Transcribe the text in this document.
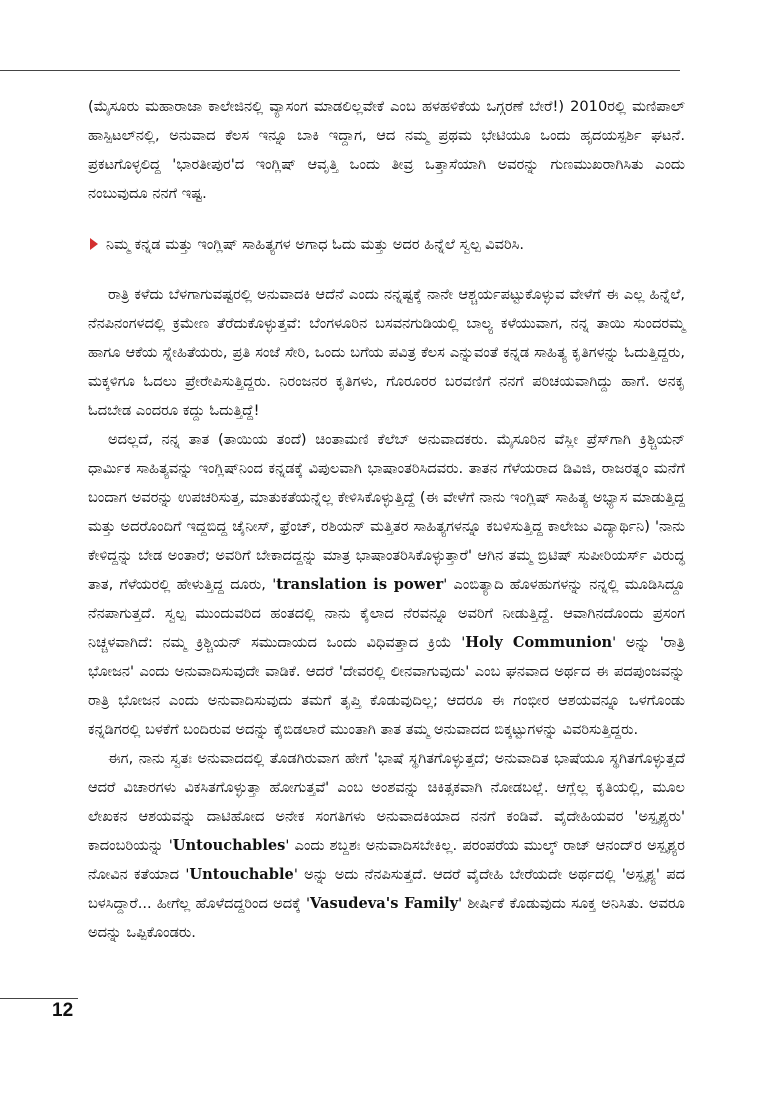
(ಮೈಸೂರು ಮಹಾರಾಜಾ ಕಾಲೇಜಿನಲ್ಲಿ ವ್ಯಾಸಂಗ ಮಾಡಲಿಲ್ಲವೇಕೆ ಎಂಬ ಹಳಹಳಿಕೆಯ ಒಗ್ಗರಣೆ ಬೇರೆ!) 2010ರಲ್ಲಿ ಮಣಿಪಾಲ್ ಹಾಸ್ಪಿಟಲ್‌ನಲ್ಲಿ, ಅನುವಾದ ಕೆಲಸ ಇನ್ನೂ ಬಾಕಿ ಇದ್ದಾಗ, ಆದ ನಮ್ಮ ಪ್ರಥಮ ಭೇಟಿಯೂ ಒಂದು ಹೃದಯಸ್ಪರ್ಶಿ ಘಟನೆ. ಪ್ರಕಟಗೊಳ್ಳಲಿದ್ದ 'ಭಾರತೀಪುರ'ದ ಇಂಗ್ಲಿಷ್ ಆವೃತ್ತಿ ಒಂದು ತೀವ್ರ ಒತ್ತಾಸೆಯಾಗಿ ಅವರನ್ನು ಗುಣಮುಖರಾಗಿಸಿತು ಎಂದು ನಂಬುವುದೂ ನನಗೆ ಇಷ್ಟ.

ನಿಮ್ಮ ಕನ್ನಡ ಮತ್ತು ಇಂಗ್ಲಿಷ್ ಸಾಹಿತ್ಯಗಳ ಅಗಾಧ ಓದು ಮತ್ತು ಅದರ ಹಿನ್ನೆಲೆ ಸ್ವಲ್ಪ ವಿವರಿಸಿ.

ರಾತ್ರಿ ಕಳೆದು ಬೆಳಗಾಗುವಷ್ಟರಲ್ಲಿ ಅನುವಾದಕಿ ಆದೆನೆ ಎಂದು ನನ್ನಷ್ಟಕ್ಕೆ ನಾನೇ ಆಶ್ಚರ್ಯಪಟ್ಟುಕೊಳ್ಳುವ ವೇಳೆಗೆ ಈ ಎಲ್ಲ ಹಿನ್ನೆಲೆ, ನೆನಪಿನಂಗಳದಲ್ಲಿ ಕ್ರಮೇಣ ತೆರೆದುಕೊಳ್ಳುತ್ತವೆ: ಬೆಂಗಳೂರಿನ ಬಸವನಗುಡಿಯಲ್ಲಿ ಬಾಲ್ಯ ಕಳೆಯುವಾಗ, ನನ್ನ ತಾಯಿ ಸುಂದರಮ್ಮ ಹಾಗೂ ಆಕೆಯ ಸ್ನೇಹಿತೆಯರು, ಪ್ರತಿ ಸಂಜೆ ಸೇರಿ, ಒಂದು ಬಗೆಯ ಪವಿತ್ರ ಕೆಲಸ ಎನ್ನುವಂತೆ ಕನ್ನಡ ಸಾಹಿತ್ಯ ಕೃತಿಗಳನ್ನು ಓದುತ್ತಿದ್ದರು, ಮಕ್ಕಳಿಗೂ ಓದಲು ಪ್ರೇರೇಪಿಸುತ್ತಿದ್ದರು. ನಿರಂಜನರ ಕೃತಿಗಳು, ಗೊರೂರರ ಬರವಣಿಗೆ ನನಗೆ ಪರಿಚಯವಾಗಿದ್ದು ಹಾಗೆ. ಅನಕೃ ಓದಬೇಡ ಎಂದರೂ ಕದ್ದು ಓದುತ್ತಿದ್ದೆ!

ಅದಲ್ಲದೆ, ನನ್ನ ತಾತ (ತಾಯಿಯ ತಂದೆ) ಚಿಂತಾಮಣಿ ಕೆಲೆಬ್ ಅನುವಾದಕರು. ಮೈಸೂರಿನ ವೆಸ್ಲೀ ಪ್ರೆಸ್‌ಗಾಗಿ ಕ್ರಿಶ್ಚಿಯನ್ ಧಾರ್ಮಿಕ ಸಾಹಿತ್ಯವನ್ನು ಇಂಗ್ಲಿಷ್‌ನಿಂದ ಕನ್ನಡಕ್ಕೆ ವಿಪುಲವಾಗಿ ಭಾಷಾಂತರಿಸಿದವರು. ತಾತನ ಗೆಳೆಯರಾದ ಡಿವಿಜಿ, ರಾಜರತ್ನಂ ಮನೆಗೆ ಬಂದಾಗ ಅವರನ್ನು ಉಪಚರಿಸುತ್ತ, ಮಾತುಕತೆಯನ್ನೆಲ್ಲ ಕೇಳಿಸಿಕೊಳ್ಳುತ್ತಿದ್ದೆ (ಈ ವೇಳೆಗೆ ನಾನು ಇಂಗ್ಲಿಷ್ ಸಾಹಿತ್ಯ ಅಭ್ಯಾಸ ಮಾಡುತ್ತಿದ್ದ ಮತ್ತು ಅದರೊಂದಿಗೆ ಇದ್ದಬಿದ್ದ ಚೈನೀಸ್, ಫ್ರೆಂಚ್, ರಶಿಯನ್ ಮತ್ತಿತರ ಸಾಹಿತ್ಯಗಳನ್ನೂ ಕಬಳಿಸುತ್ತಿದ್ದ ಕಾಲೇಜು ವಿದ್ಯಾರ್ಥಿನಿ) 'ನಾನು ಕೇಳಿದ್ದನ್ನು ಬೇಡ ಅಂತಾರೆ; ಅವರಿಗೆ ಬೇಕಾದದ್ದನ್ನು ಮಾತ್ರ ಭಾಷಾಂತರಿಸಿಕೊಳ್ಳುತ್ತಾರೆ' ಆಗಿನ ತಮ್ಮ ಬ್ರಿಟಿಷ್ ಸುಪೀರಿಯರ್ಸ್ ವಿರುದ್ಧ ತಾತ, ಗೆಳೆಯರಲ್ಲಿ ಹೇಳುತ್ತಿದ್ದ ದೂರು, 'translation is power' ಎಂಬಿತ್ಯಾದಿ ಹೊಳಹುಗಳನ್ನು ನನ್ನಲ್ಲಿ ಮೂಡಿಸಿದ್ದೂ ನೆನಪಾಗುತ್ತದೆ. ಸ್ವಲ್ಪ ಮುಂದುವರಿದ ಹಂತದಲ್ಲಿ ನಾನು ಕೈಲಾದ ನೆರವನ್ನೂ ಅವರಿಗೆ ನೀಡುತ್ತಿದ್ದೆ. ಆವಾಗಿನದೊಂದು ಪ್ರಸಂಗ ನಿಚ್ಚಳವಾಗಿದೆ: ನಮ್ಮ ಕ್ರಿಶ್ಚಿಯನ್ ಸಮುದಾಯದ ಒಂದು ವಿಧಿವತ್ತಾದ ಕ್ರಿಯೆ 'Holy Communion' ಅನ್ನು 'ರಾತ್ರಿ ಭೋಜನ' ಎಂದು ಅನುವಾದಿಸುವುದೇ ವಾಡಿಕೆ. ಆದರೆ 'ದೇವರಲ್ಲಿ ಲೀನವಾಗುವುದು' ಎಂಬ ಘನವಾದ ಅರ್ಥದ ಈ ಪದಪುಂಜವನ್ನು ರಾತ್ರಿ ಭೋಜನ ಎಂದು ಅನುವಾದಿಸುವುದು ತಮಗೆ ತೃಪ್ತಿ ಕೊಡುವುದಿಲ್ಲ; ಆದರೂ ಈ ಗಂಭೀರ ಆಶಯವನ್ನೂ ಒಳಗೊಂಡು ಕನ್ನಡಿಗರಲ್ಲಿ ಬಳಕೆಗೆ ಬಂದಿರುವ ಅದನ್ನು ಕೈಬಿಡಲಾರೆ ಮುಂತಾಗಿ ತಾತ ತಮ್ಮ ಅನುವಾದದ ಬಿಕ್ಕಟ್ಟುಗಳನ್ನು ವಿವರಿಸುತ್ತಿದ್ದರು.

ಈಗ, ನಾನು ಸ್ವತಃ ಅನುವಾದದಲ್ಲಿ ತೊಡಗಿರುವಾಗ ಹೇಗೆ 'ಭಾಷೆ ಸ್ಥಗಿತಗೊಳ್ಳುತ್ತದೆ; ಅನುವಾದಿತ ಭಾಷೆಯೂ ಸ್ಥಗಿತಗೊಳ್ಳುತ್ತದೆ ಆದರೆ ವಿಚಾರಗಳು ವಿಕಸಿತಗೊಳ್ಳುತ್ತಾ ಹೋಗುತ್ತವೆ' ಎಂಬ ಅಂಶವನ್ನು ಚಿಕಿತ್ಸಕವಾಗಿ ನೋಡಬಲ್ಲೆ. ಆಗ್ಲೆಲ್ಲ ಕೃತಿಯಲ್ಲಿ, ಮೂಲ ಲೇಖಕನ ಆಶಯವನ್ನು ದಾಟಿಹೋದ ಅನೇಕ ಸಂಗತಿಗಳು ಅನುವಾದಕಿಯಾದ ನನಗೆ ಕಂಡಿವೆ. ವೈದೇಹಿಯವರ 'ಅಸ್ಪೃಶ್ಯರು' ಕಾದಂಬರಿಯನ್ನು 'Untouchables' ಎಂದು ಶಬ್ದಶಃ ಅನುವಾದಿಸಬೇಕಿಲ್ಲ. ಪರಂಪರೆಯ ಮುಲ್ಕ್ ರಾಜ್ ಆನಂದ್‌ರ ಅಸ್ಪೃಶ್ಯರ ನೋವಿನ ಕತೆಯಾದ 'Untouchable' ಅನ್ನು ಅದು ನೆನಪಿಸುತ್ತದೆ. ಆದರೆ ವೈದೇಹಿ ಬೇರೆಯದೇ ಅರ್ಥದಲ್ಲಿ 'ಅಸ್ಪೃಶ್ಯ' ಪದ ಬಳಸಿದ್ದಾರೆ... ಹೀಗೆಲ್ಲ ಹೊಳೆದದ್ದರಿಂದ ಅದಕ್ಕೆ 'Vasudeva's Family' ಶೀರ್ಷಿಕೆ ಕೊಡುವುದು ಸೂಕ್ತ ಅನಿಸಿತು. ಅವರೂ ಅದನ್ನು ಒಪ್ಪಿಕೊಂಡರು.

12
